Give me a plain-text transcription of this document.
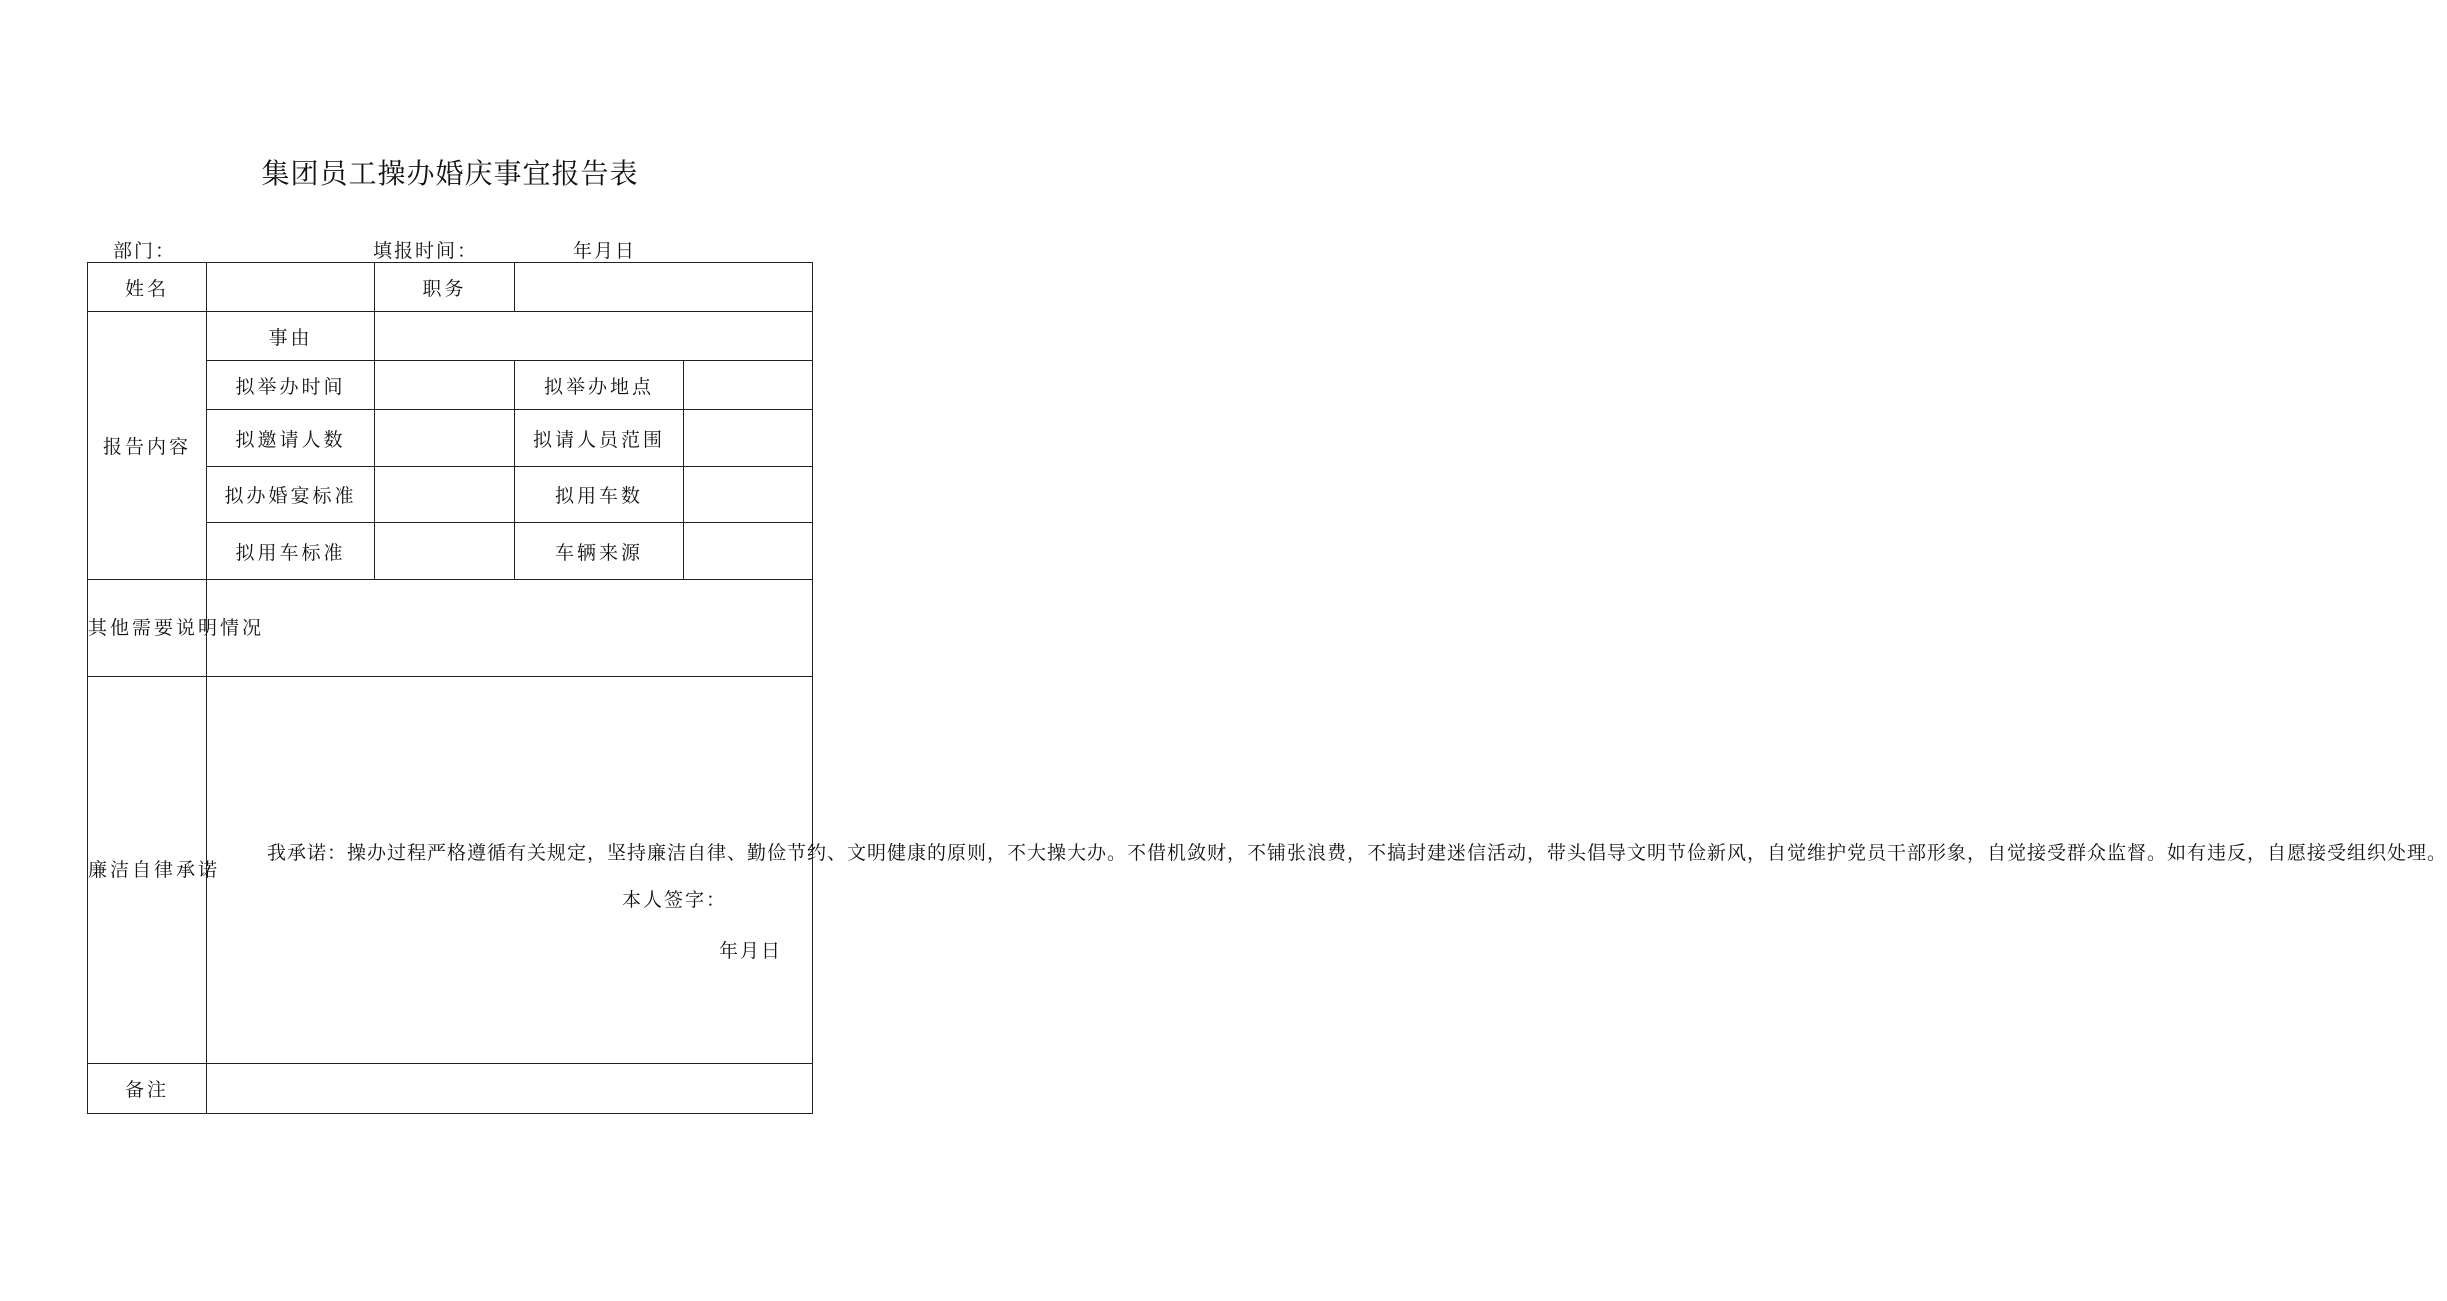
集团员工操办婚庆事宜报告表
部门：	填报时间：	年月日
姓名		职务		
报告内容	事由			
	拟举办时间		拟举办地点	
	拟邀请人数		拟请人员范围	
	拟办婚宴标准		拟用车数	
	拟用车标准		车辆来源	
其他需要说明情况				
廉洁自律承诺	我承诺：操办过程严格遵循有关规定，坚持廉洁自律、勤俭节约、文明健康的原则，不大操大办。不借机敛财，不铺张浪费，不搞封建迷信活动，带头倡导文明节俭新风，自觉维护党员干部形象，自觉接受群众监督。如有违反，自愿接受组织处理。
本人签字：
年月日			

备注				
